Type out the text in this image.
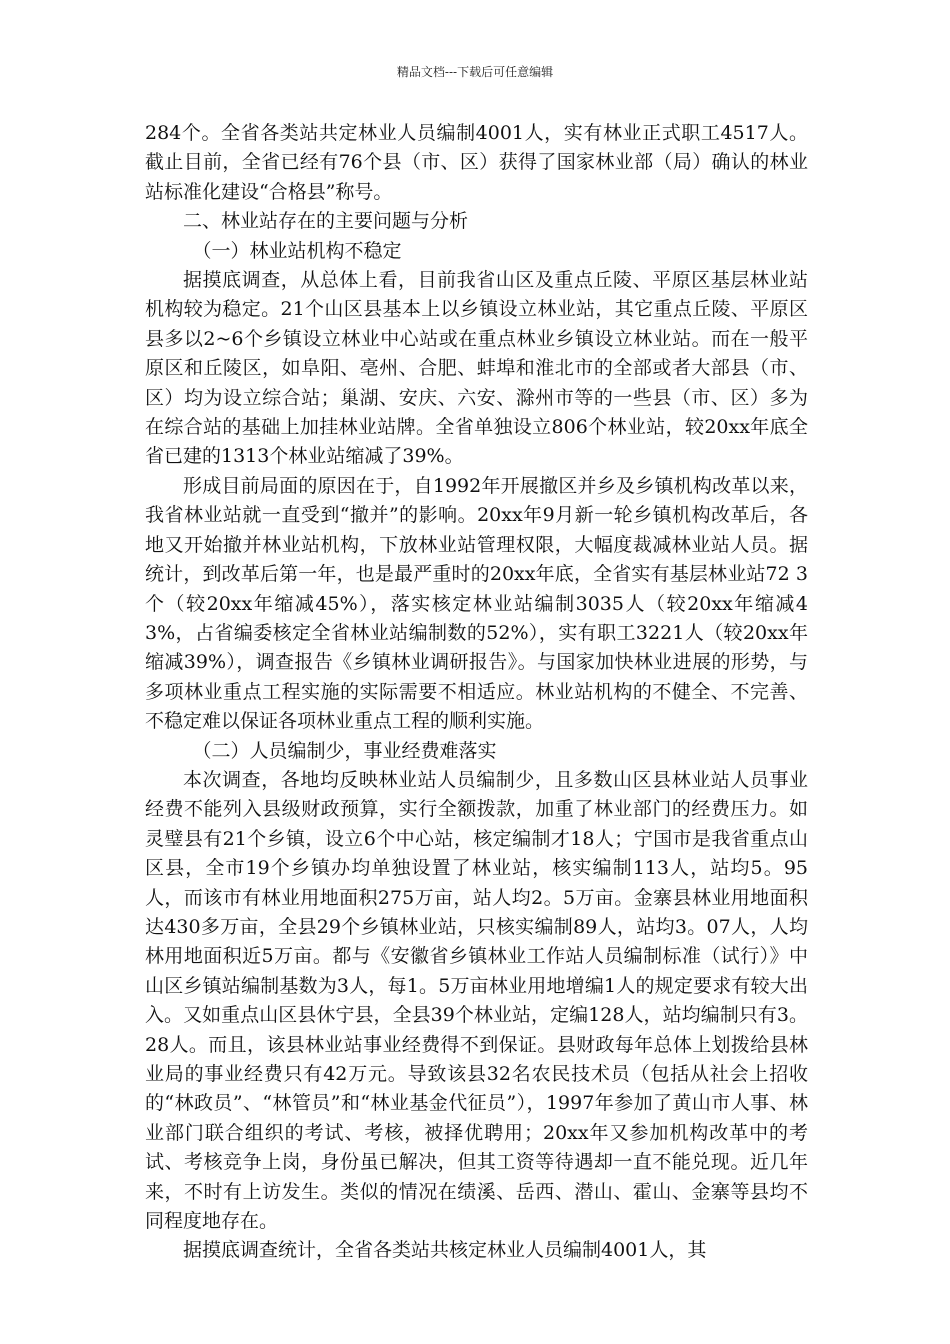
精品文档---下载后可任意编辑

284个。全省各类站共定林业人员编制4001人，实有林业正式职工4517人。截止目前，全省已经有76个县（市、区）获得了国家林业部（局）确认的林业站标准化建设“合格县”称号。

二、林业站存在的主要问题与分析

（一）林业站机构不稳定

据摸底调查，从总体上看，目前我省山区及重点丘陵、平原区基层林业站机构较为稳定。21个山区县基本上以乡镇设立林业站，其它重点丘陵、平原区县多以2~6个乡镇设立林业中心站或在重点林业乡镇设立林业站。而在一般平原区和丘陵区，如阜阳、亳州、合肥、蚌埠和淮北市的全部或者大部县（市、区）均为设立综合站；巢湖、安庆、六安、滁州市等的一些县（市、区）多为在综合站的基础上加挂林业站牌。全省单独设立806个林业站，较20xx年底全省已建的1313个林业站缩减了39%。

形成目前局面的原因在于，自1992年开展撤区并乡及乡镇机构改革以来，我省林业站就一直受到“撤并”的影响。20xx年9月新一轮乡镇机构改革后，各地又开始撤并林业站机构，下放林业站管理权限，大幅度裁减林业站人员。据统计，到改革后第一年，也是最严重时的20xx年底，全省实有基层林业站72 3个（较20xx年缩减45%），落实核定林业站编制3035人（较20xx年缩减43%，占省编委核定全省林业站编制数的52%），实有职工3221人（较20xx年缩减39%），调查报告《乡镇林业调研报告》。与国家加快林业进展的形势，与多项林业重点工程实施的实际需要不相适应。林业站机构的不健全、不完善、不稳定难以保证各项林业重点工程的顺利实施。

（二）人员编制少，事业经费难落实

本次调查，各地均反映林业站人员编制少，且多数山区县林业站人员事业经费不能列入县级财政预算，实行全额拨款，加重了林业部门的经费压力。如灵璧县有21个乡镇，设立6个中心站，核定编制才18人；宁国市是我省重点山区县，全市19个乡镇办均单独设置了林业站，核实编制113人，站均5。95人，而该市有林业用地面积275万亩，站人均2。5万亩。金寨县林业用地面积达430多万亩，全县29个乡镇林业站，只核实编制89人，站均3。07人，人均林用地面积近5万亩。都与《安徽省乡镇林业工作站人员编制标准（试行）》中山区乡镇站编制基数为3人，每1。5万亩林业用地增编1人的规定要求有较大出入。又如重点山区县休宁县，全县39个林业站，定编128人，站均编制只有3。28人。而且，该县林业站事业经费得不到保证。县财政每年总体上划拨给县林业局的事业经费只有42万元。导致该县32名农民技术员（包括从社会上招收的“林政员”、“林管员”和“林业基金代征员”），1997年参加了黄山市人事、林业部门联合组织的考试、考核，被择优聘用；20xx年又参加机构改革中的考试、考核竞争上岗，身份虽已解决，但其工资等待遇却一直不能兑现。近几年来，不时有上访发生。类似的情况在绩溪、岳西、潜山、霍山、金寨等县均不同程度地存在。

据摸底调查统计，全省各类站共核定林业人员编制4001人，其
